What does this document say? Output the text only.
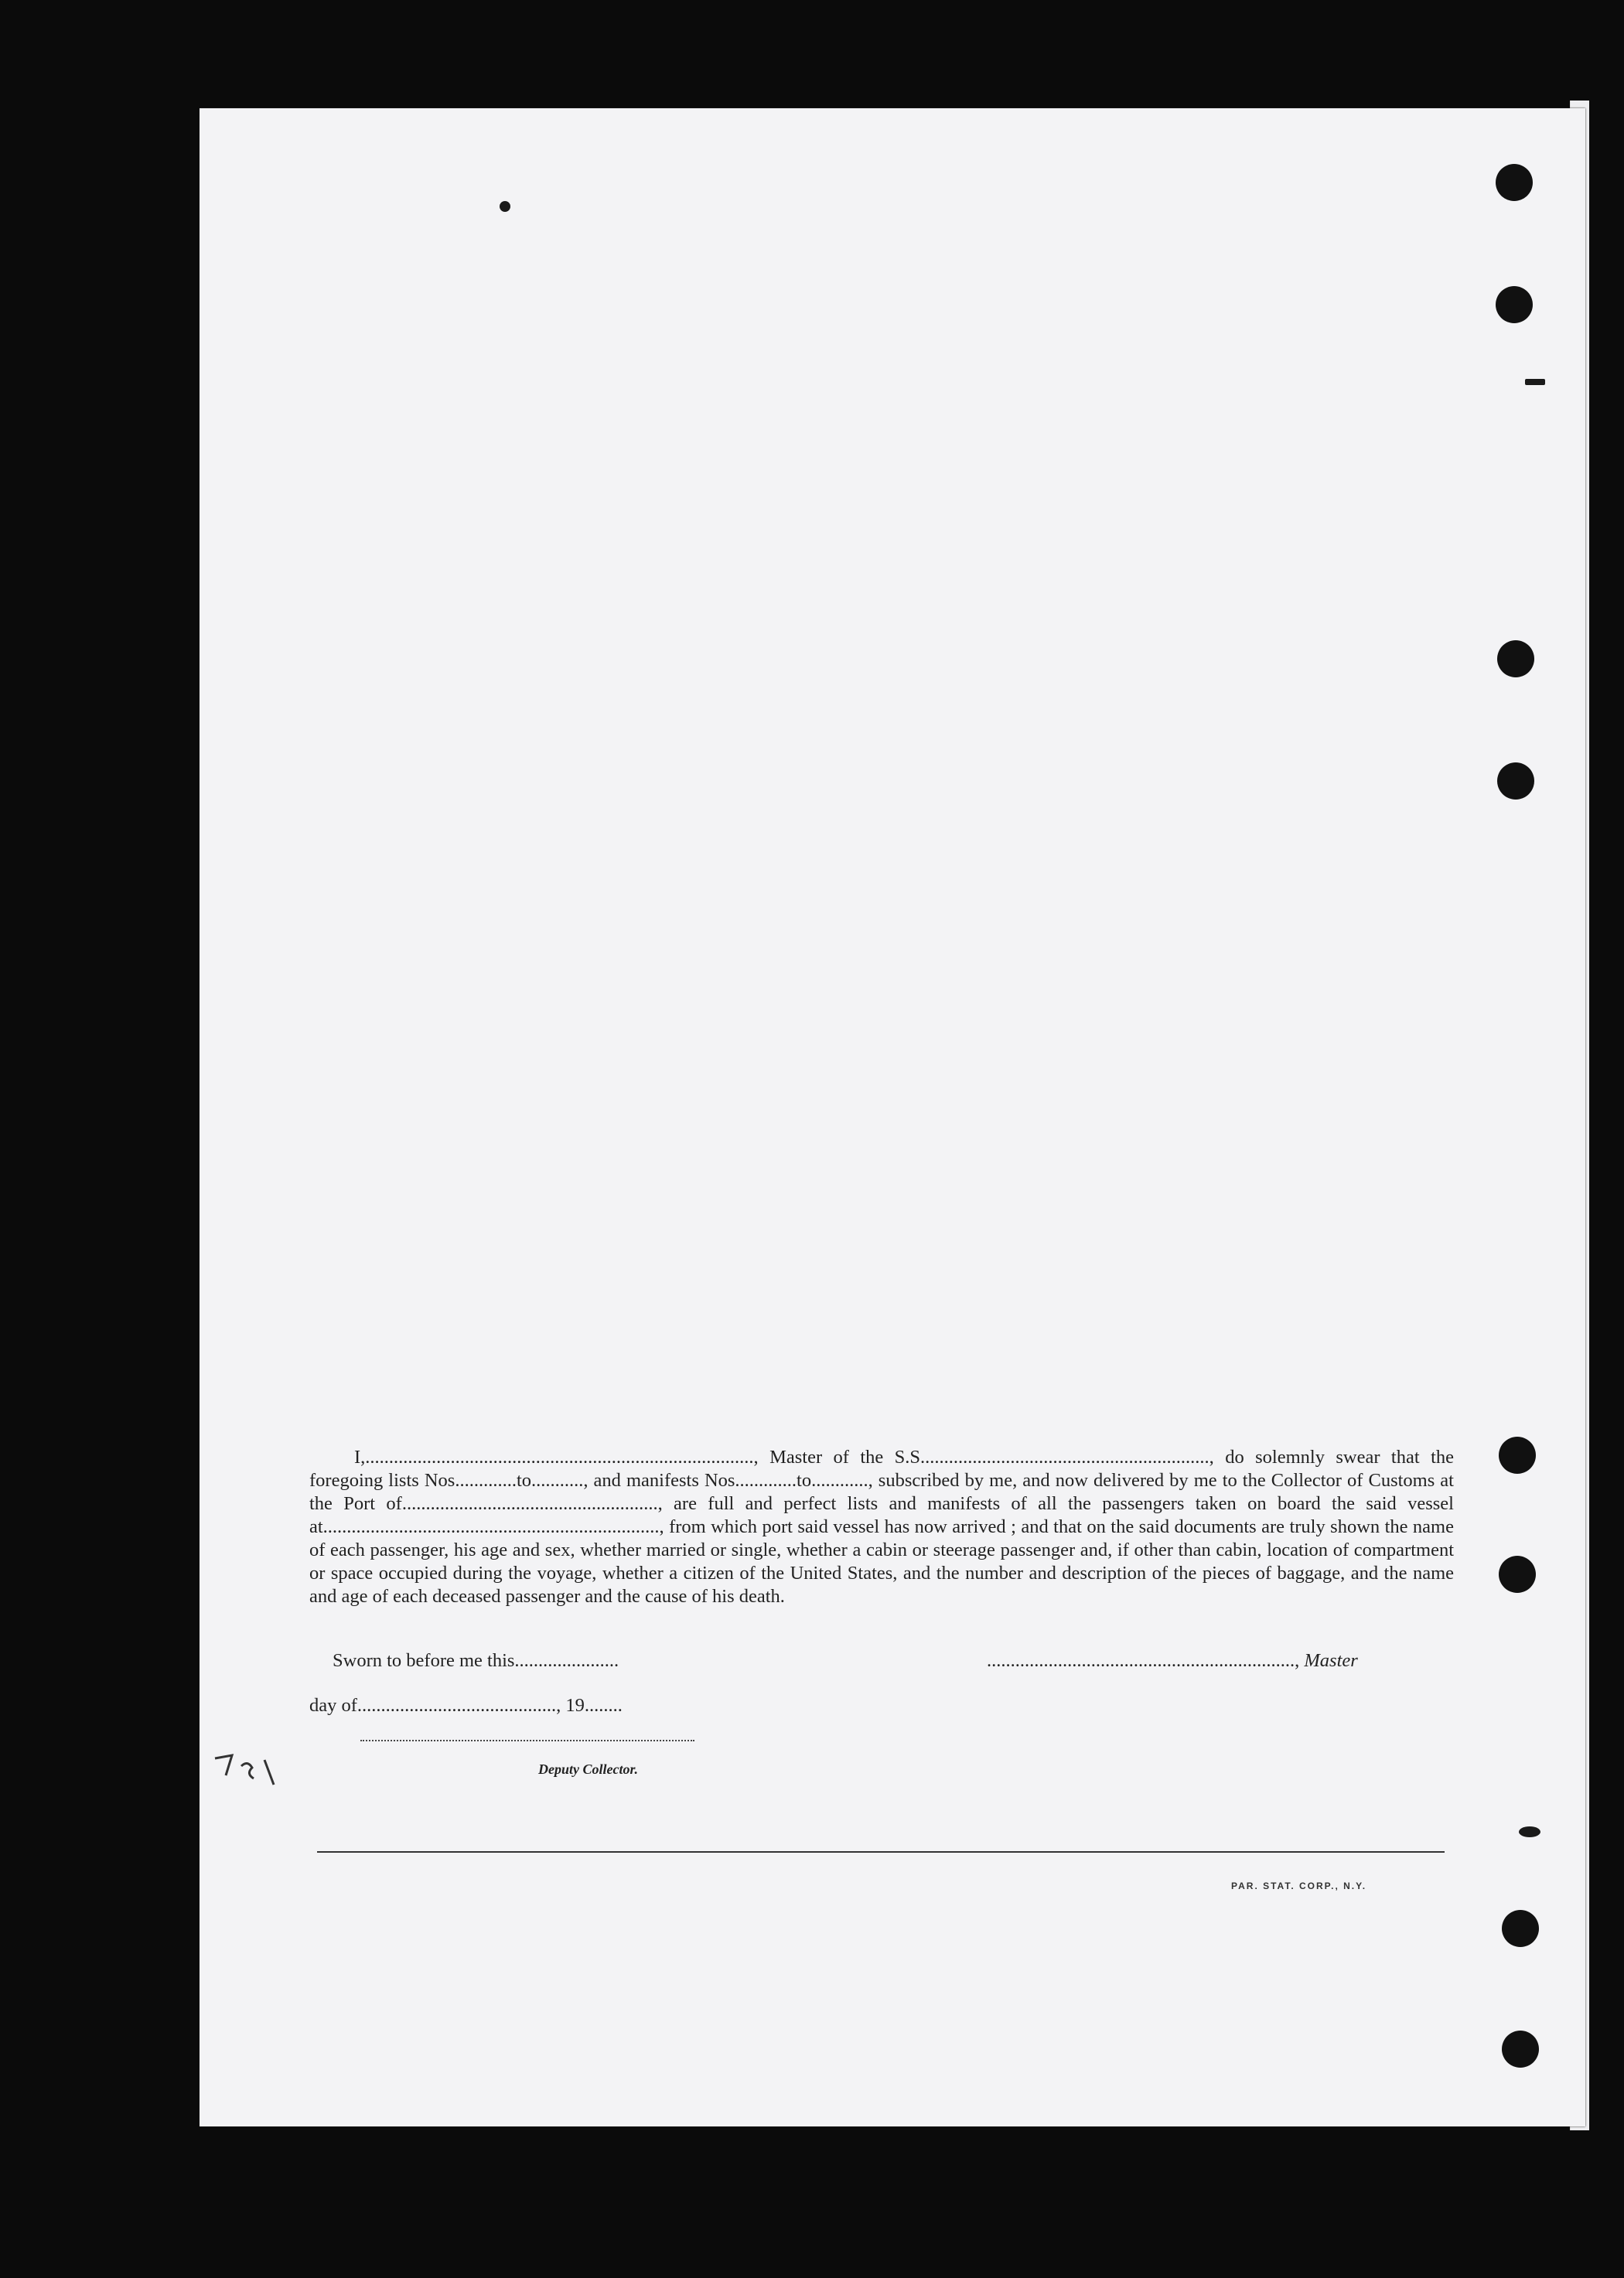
I,.................................................................................., Master of the S.S............................................................., do solemnly swear that the foregoing lists Nos.............to..........., and manifests Nos.............to............, subscribed by me, and now delivered by me to the Collector of Customs at the Port of......................................................, are full and perfect lists and manifests of all the passengers taken on board the said vessel at......................................................................., from which port said vessel has now arrived ; and that on the said documents are truly shown the name of each passenger, his age and sex, whether married or single, whether a cabin or steerage passenger and, if other than cabin, location of compartment or space occupied during the voyage, whether a citizen of the United States, and the number and description of the pieces of baggage, and the name and age of each deceased passenger and the cause of his death.

Sworn to before me this......................	................................................................., Master
day of.........................................., 19........
Deputy Collector.
PAR. STAT. CORP., N.Y.
